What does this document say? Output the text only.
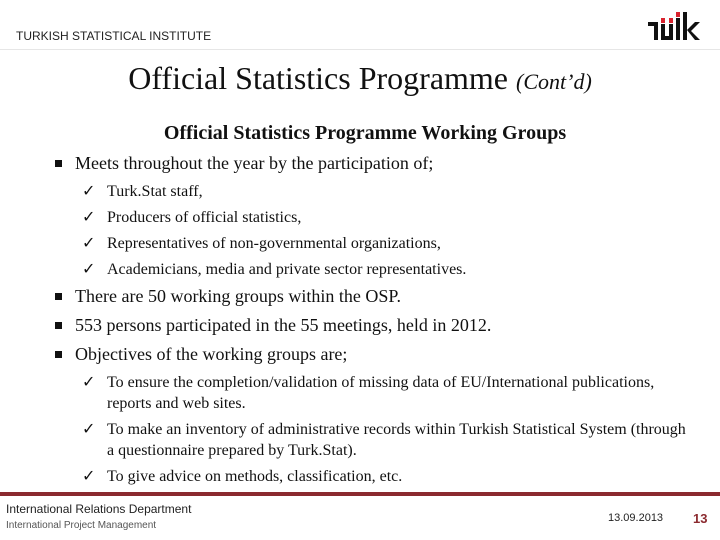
TURKISH STATISTICAL INSTITUTE
Official Statistics Programme (Cont’d)
Official Statistics Programme Working Groups
Meets throughout the year by the participation of;
✓ Turk.Stat staff,
✓ Producers of official statistics,
✓ Representatives of non-governmental organizations,
✓ Academicians, media and private sector representatives.
There are 50 working groups within the OSP.
553 persons participated in the 55 meetings, held in 2012.
Objectives of the working groups are;
✓ To ensure the completion/validation of missing data of EU/International publications, reports and web sites.
✓ To make an inventory of administrative records within Turkish Statistical System (through a questionnaire prepared by Turk.Stat).
✓ To give advice on methods, classification, etc.
International Relations Department
International Project Management
13.09.2013 13
